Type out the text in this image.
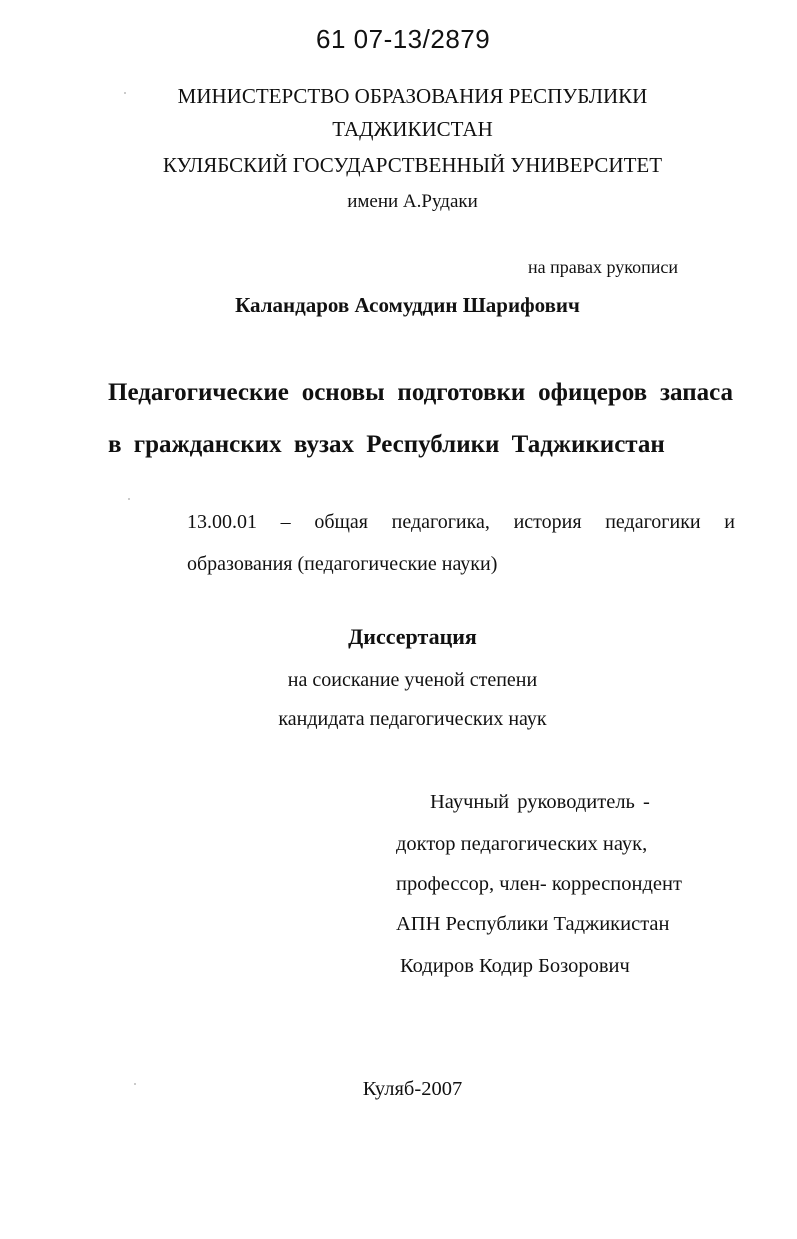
61 07-13/2879
МИНИСТЕРСТВО ОБРАЗОВАНИЯ РЕСПУБЛИКИ
ТАДЖИКИСТАН
КУЛЯБСКИЙ ГОСУДАРСТВЕННЫЙ УНИВЕРСИТЕТ
имени А.Рудаки
на правах рукописи
Каландаров Асомуддин Шарифович
Педагогические основы подготовки офицеров запаса
в гражданских вузах Республики Таджикистан
13.00.01 – общая педагогика, история педагогики и
образования (педагогические науки)
Диссертация
на соискание ученой степени
кандидата педагогических наук
Научный руководитель -
доктор педагогических наук,
профессор, член- корреспондент
АПН Республики Таджикистан
Кодиров Кодир Бозорович
Куляб-2007
